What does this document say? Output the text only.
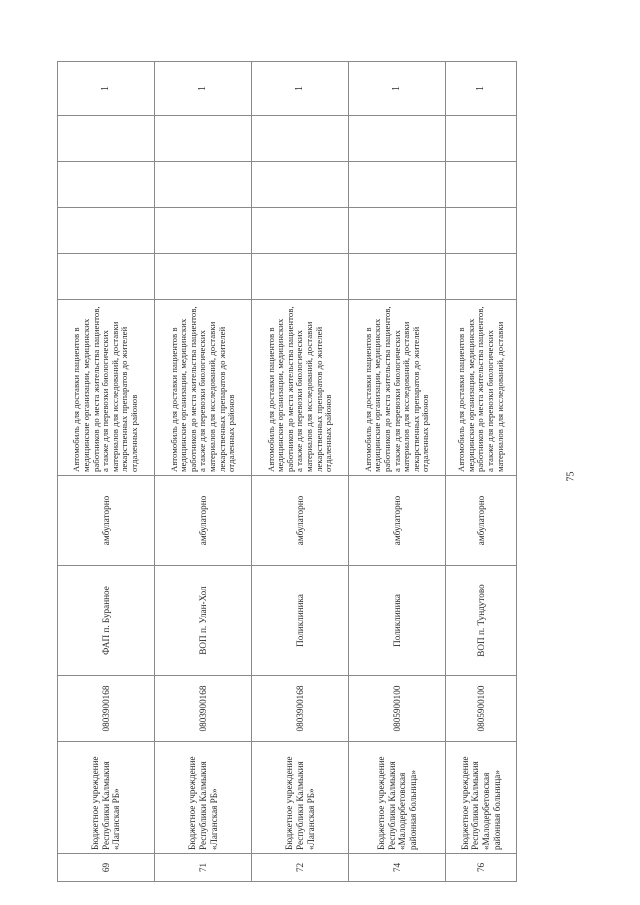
69	Бюджетное учреждение Республики Калмыкия «Лаганская РБ»	0803900168	ФАП п. Буранное	амбулаторно	Автомобиль для доставки пациентов в медицинские организации, медицинских работников до места жительства пациентов, а также для перевозки биологических материалов для исследований, доставки лекарственных препаратов до жителей отдаленных районов					1
71	Бюджетное учреждение Республики Калмыкия «Лаганская РБ»	0803900168	ВОП п. Улан-Хол	амбулаторно	Автомобиль для доставки пациентов в медицинские организации, медицинских работников до места жительства пациентов, а также для перевозки биологических материалов для исследований, доставки лекарственных препаратов до жителей отдаленных районов					1
72	Бюджетное учреждение Республики Калмыкия «Лаганская РБ»	0803900168	Поликлиника	амбулаторно	Автомобиль для доставки пациентов в медицинские организации, медицинских работников до места жительства пациентов, а также для перевозки биологических материалов для исследований, доставки лекарственных препаратов до жителей отдаленных районов					1
74	Бюджетное учреждение Республики Калмыкия «Малодербетовская районная больница»	0805900100	Поликлиника	амбулаторно	Автомобиль для доставки пациентов в медицинские организации, медицинских работников до места жительства пациентов, а также для перевозки биологических материалов для исследований, доставки лекарственных препаратов до жителей отдаленных районов					1
76	Бюджетное учреждение Республики Калмыкия «Малодербетовская районная больница»	0805900100	ВОП п. Тундутово	амбулаторно	Автомобиль для доставки пациентов в медицинские организации, медицинских работников до места жительства пациентов, а также для перевозки биологических материалов для исследований, доставки					1
75
